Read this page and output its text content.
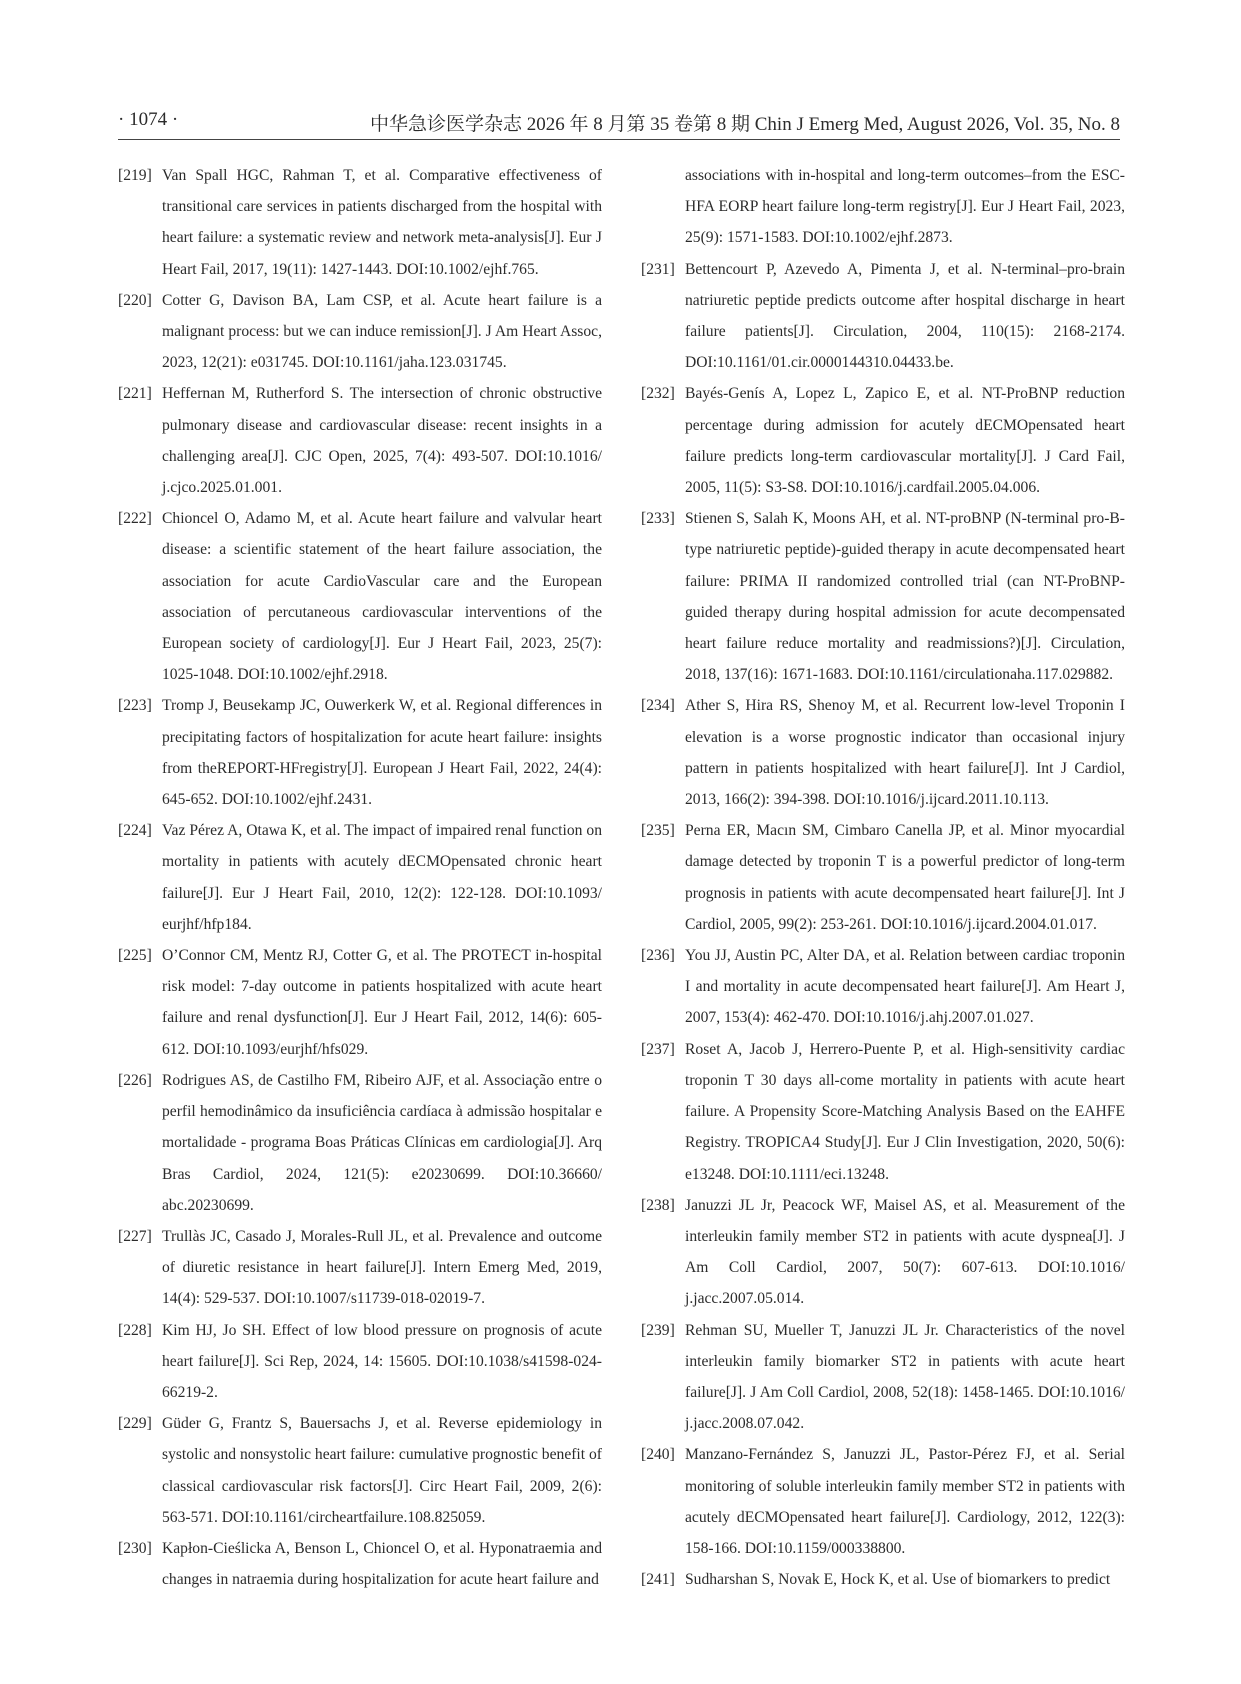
· 1074 ·	中华急诊医学杂志 2026 年 8 月第 35 卷第 8 期 Chin J Emerg Med, August 2026, Vol. 35, No. 8
[219] Van Spall HGC, Rahman T, et al. Comparative effectiveness of transitional care services in patients discharged from the hospital with heart failure: a systematic review and network meta-analysis[J]. Eur J Heart Fail, 2017, 19(11): 1427-1443. DOI:10.1002/ejhf.765.
[220] Cotter G, Davison BA, Lam CSP, et al. Acute heart failure is a malignant process: but we can induce remission[J]. J Am Heart Assoc, 2023, 12(21): e031745. DOI:10.1161/jaha.123.031745.
[221] Heffernan M, Rutherford S. The intersection of chronic obstructive pulmonary disease and cardiovascular disease: recent insights in a challenging area[J]. CJC Open, 2025, 7(4): 493-507. DOI:10.1016/ j.cjco.2025.01.001.
[222] Chioncel O, Adamo M, et al. Acute heart failure and valvular heart disease: a scientific statement of the heart failure association, the association for acute CardioVascular care and the European association of percutaneous cardiovascular interventions of the European society of cardiology[J]. Eur J Heart Fail, 2023, 25(7): 1025-1048. DOI:10.1002/ejhf.2918.
[223] Tromp J, Beusekamp JC, Ouwerkerk W, et al. Regional differences in precipitating factors of hospitalization for acute heart failure: insights from theREPORT-HFregistry[J]. European J Heart Fail, 2022, 24(4): 645-652. DOI:10.1002/ejhf.2431.
[224] Vaz Pérez A, Otawa K, et al. The impact of impaired renal function on mortality in patients with acutely dECMOpensated chronic heart failure[J]. Eur J Heart Fail, 2010, 12(2): 122-128. DOI:10.1093/ eurjhf/hfp184.
[225] O’Connor CM, Mentz RJ, Cotter G, et al. The PROTECT in-hospital risk model: 7-day outcome in patients hospitalized with acute heart failure and renal dysfunction[J]. Eur J Heart Fail, 2012, 14(6): 605-612. DOI:10.1093/eurjhf/hfs029.
[226] Rodrigues AS, de Castilho FM, Ribeiro AJF, et al. Associação entre o perfil hemodinâmico da insuficiência cardíaca à admissão hospitalar e mortalidade - programa Boas Práticas Clínicas em cardiologia[J]. Arq Bras Cardiol, 2024, 121(5): e20230699. DOI:10.36660/ abc.20230699.
[227] Trullàs JC, Casado J, Morales-Rull JL, et al. Prevalence and outcome of diuretic resistance in heart failure[J]. Intern Emerg Med, 2019, 14(4): 529-537. DOI:10.1007/s11739-018-02019-7.
[228] Kim HJ, Jo SH. Effect of low blood pressure on prognosis of acute heart failure[J]. Sci Rep, 2024, 14: 15605. DOI:10.1038/s41598-024-66219-2.
[229] Güder G, Frantz S, Bauersachs J, et al. Reverse epidemiology in systolic and nonsystolic heart failure: cumulative prognostic benefit of classical cardiovascular risk factors[J]. Circ Heart Fail, 2009, 2(6): 563-571. DOI:10.1161/circheartfailure.108.825059.
[230] Kapłon-Cieślicka A, Benson L, Chioncel O, et al. Hyponatraemia and changes in natraemia during hospitalization for acute heart failure and
associations with in-hospital and long-term outcomes–from the ESC-HFA EORP heart failure long-term registry[J]. Eur J Heart Fail, 2023, 25(9): 1571-1583. DOI:10.1002/ejhf.2873.
[231] Bettencourt P, Azevedo A, Pimenta J, et al. N-terminal–pro-brain natriuretic peptide predicts outcome after hospital discharge in heart failure patients[J]. Circulation, 2004, 110(15): 2168-2174. DOI:10.1161/01.cir.0000144310.04433.be.
[232] Bayés-Genís A, Lopez L, Zapico E, et al. NT-ProBNP reduction percentage during admission for acutely dECMOpensated heart failure predicts long-term cardiovascular mortality[J]. J Card Fail, 2005, 11(5): S3-S8. DOI:10.1016/j.cardfail.2005.04.006.
[233] Stienen S, Salah K, Moons AH, et al. NT-proBNP (N-terminal pro-B-type natriuretic peptide)-guided therapy in acute decompensated heart failure: PRIMA II randomized controlled trial (can NT-ProBNP-guided therapy during hospital admission for acute decompensated heart failure reduce mortality and readmissions?)[J]. Circulation, 2018, 137(16): 1671-1683. DOI:10.1161/circulationaha.117.029882.
[234] Ather S, Hira RS, Shenoy M, et al. Recurrent low-level Troponin I elevation is a worse prognostic indicator than occasional injury pattern in patients hospitalized with heart failure[J]. Int J Cardiol, 2013, 166(2): 394-398. DOI:10.1016/j.ijcard.2011.10.113.
[235] Perna ER, Macın SM, Cimbaro Canella JP, et al. Minor myocardial damage detected by troponin T is a powerful predictor of long-term prognosis in patients with acute decompensated heart failure[J]. Int J Cardiol, 2005, 99(2): 253-261. DOI:10.1016/j.ijcard.2004.01.017.
[236] You JJ, Austin PC, Alter DA, et al. Relation between cardiac troponin I and mortality in acute decompensated heart failure[J]. Am Heart J, 2007, 153(4): 462-470. DOI:10.1016/j.ahj.2007.01.027.
[237] Roset A, Jacob J, Herrero-Puente P, et al. High-sensitivity cardiac troponin T 30 days all-come mortality in patients with acute heart failure. A Propensity Score-Matching Analysis Based on the EAHFE Registry. TROPICA4 Study[J]. Eur J Clin Investigation, 2020, 50(6): e13248. DOI:10.1111/eci.13248.
[238] Januzzi JL Jr, Peacock WF, Maisel AS, et al. Measurement of the interleukin family member ST2 in patients with acute dyspnea[J]. J Am Coll Cardiol, 2007, 50(7): 607-613. DOI:10.1016/ j.jacc.2007.05.014.
[239] Rehman SU, Mueller T, Januzzi JL Jr. Characteristics of the novel interleukin family biomarker ST2 in patients with acute heart failure[J]. J Am Coll Cardiol, 2008, 52(18): 1458-1465. DOI:10.1016/ j.jacc.2008.07.042.
[240] Manzano-Fernández S, Januzzi JL, Pastor-Pérez FJ, et al. Serial monitoring of soluble interleukin family member ST2 in patients with acutely dECMOpensated heart failure[J]. Cardiology, 2012, 122(3): 158-166. DOI:10.1159/000338800.
[241] Sudharshan S, Novak E, Hock K, et al. Use of biomarkers to predict
